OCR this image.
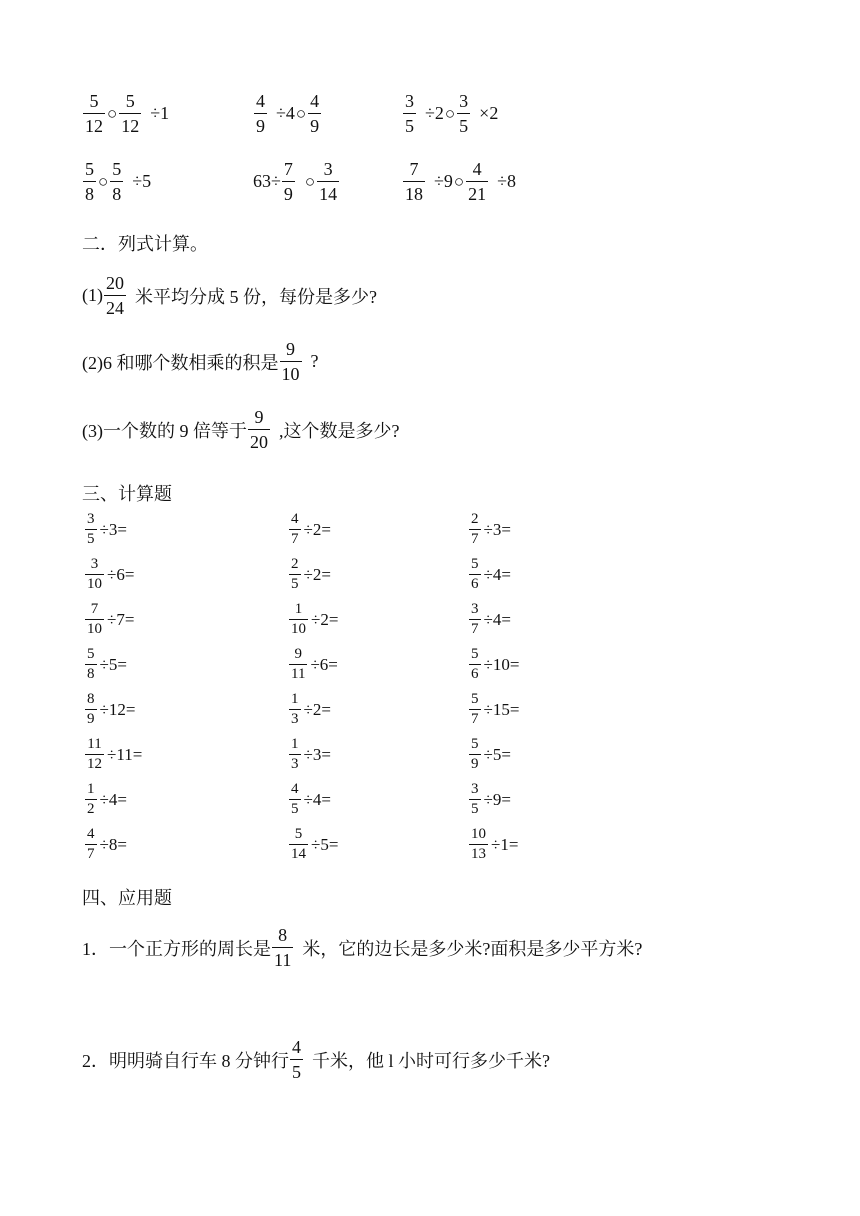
$\frac{5}{12}$ ○ $\frac{5}{12} \div 1$	$\frac{4}{9} \div 4$ ○ $\frac{4}{9}$	$\frac{3}{5} \div 2$ ○ $\frac{3}{5} \times 2$
$\frac{5}{8}$ ○ $\frac{5}{8} \div 5$	$63\div \frac{7}{9}$ ○ $\frac{3}{14}$	$\frac{7}{18} \div 9$ ○ $\frac{4}{21} \div 8$
二．列式计算。
$(1) \frac{20}{24}$ 米平均分成 5 份，每份是多少?
(2)6 和哪个数相乘的积是 $\frac{9}{10}$ ?
(3)一个数的 9 倍等于 $\frac{9}{20}$ ,这个数是多少?
三、计算题
$\frac{3}{5} \div 3=$	$\frac{4}{7} \div 2=$	$\frac{2}{7} \div 3=$
$\frac{3}{10} \div 6=$	$\frac{2}{5} \div 2=$	$\frac{5}{6} \div 4=$
$\frac{7}{10} \div 7=$	$\frac{1}{10} \div 2=$	$\frac{3}{7} \div 4=$
$\frac{5}{8} \div 5=$	$\frac{9}{11} \div 6=$	$\frac{5}{6} \div 10=$
$\frac{8}{9} \div 12=$	$\frac{1}{3} \div 2=$	$\frac{5}{7} \div 15=$
$\frac{11}{12} \div 11=$	$\frac{1}{3} \div 3=$	$\frac{5}{9} \div 5=$
$\frac{1}{2} \div 4=$	$\frac{4}{5} \div 4=$	$\frac{3}{5} \div 9=$
$\frac{4}{7} \div 8=$	$\frac{5}{14} \div 5=$	$\frac{10}{13} \div 1=$
四、应用题
1．一个正方形的周长是 $\frac{8}{11}$ 米，它的边长是多少米?面积是多少平方米?
2．明明骑自行车 8 分钟行 $\frac{4}{5}$ 千米，他 l 小时可行多少千米?
